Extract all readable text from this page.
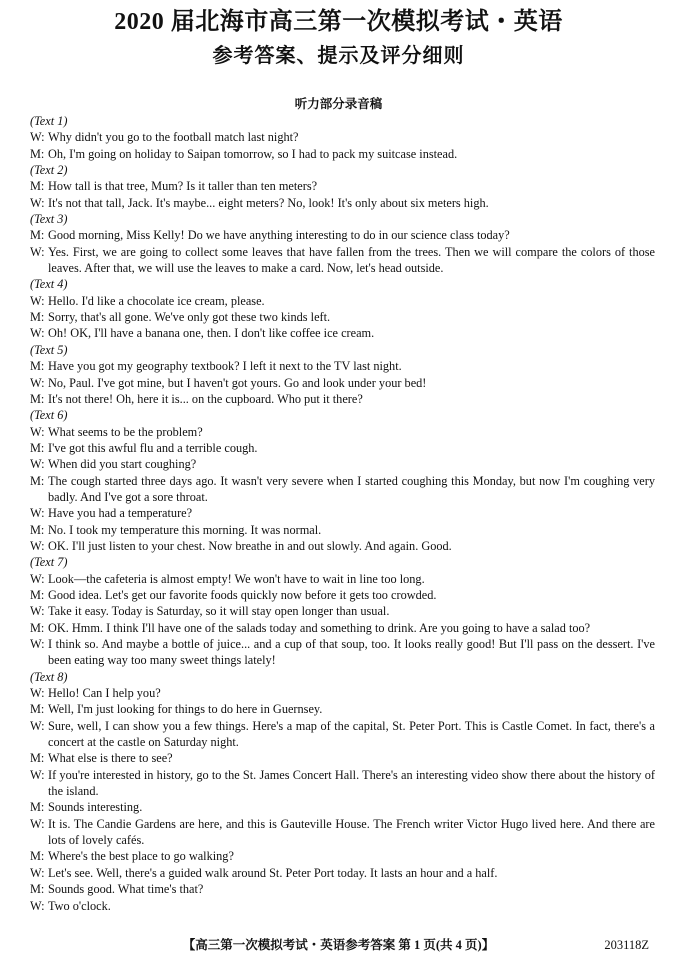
2020 届北海市高三第一次模拟考试・英语
参考答案、提示及评分细则
听力部分录音稿
(Text 1)
W: Why didn't you go to the football match last night?
M: Oh, I'm going on holiday to Saipan tomorrow, so I had to pack my suitcase instead.
(Text 2)
M: How tall is that tree, Mum? Is it taller than ten meters?
W: It's not that tall, Jack. It's maybe... eight meters? No, look! It's only about six meters high.
(Text 3)
M: Good morning, Miss Kelly! Do we have anything interesting to do in our science class today?
W: Yes. First, we are going to collect some leaves that have fallen from the trees. Then we will compare the colors of those leaves. After that, we will use the leaves to make a card. Now, let's head outside.
(Text 4)
W: Hello. I'd like a chocolate ice cream, please.
M: Sorry, that's all gone. We've only got these two kinds left.
W: Oh! OK, I'll have a banana one, then. I don't like coffee ice cream.
(Text 5)
M: Have you got my geography textbook? I left it next to the TV last night.
W: No, Paul. I've got mine, but I haven't got yours. Go and look under your bed!
M: It's not there! Oh, here it is... on the cupboard. Who put it there?
(Text 6)
W: What seems to be the problem?
M: I've got this awful flu and a terrible cough.
W: When did you start coughing?
M: The cough started three days ago. It wasn't very severe when I started coughing this Monday, but now I'm coughing very badly. And I've got a sore throat.
W: Have you had a temperature?
M: No. I took my temperature this morning. It was normal.
W: OK. I'll just listen to your chest. Now breathe in and out slowly. And again. Good.
(Text 7)
W: Look—the cafeteria is almost empty! We won't have to wait in line too long.
M: Good idea. Let's get our favorite foods quickly now before it gets too crowded.
W: Take it easy. Today is Saturday, so it will stay open longer than usual.
M: OK. Hmm. I think I'll have one of the salads today and something to drink. Are you going to have a salad too?
W: I think so. And maybe a bottle of juice... and a cup of that soup, too. It looks really good! But I'll pass on the dessert. I've been eating way too many sweet things lately!
(Text 8)
W: Hello! Can I help you?
M: Well, I'm just looking for things to do here in Guernsey.
W: Sure, well, I can show you a few things. Here's a map of the capital, St. Peter Port. This is Castle Comet. In fact, there's a concert at the castle on Saturday night.
M: What else is there to see?
W: If you're interested in history, go to the St. James Concert Hall. There's an interesting video show there about the history of the island.
M: Sounds interesting.
W: It is. The Candie Gardens are here, and this is Gauteville House. The French writer Victor Hugo lived here. And there are lots of lovely cafés.
M: Where's the best place to go walking?
W: Let's see. Well, there's a guided walk around St. Peter Port today. It lasts an hour and a half.
M: Sounds good. What time's that?
W: Two o'clock.
【高三第一次模拟考试・英语参考答案 第 1 页(共 4 页)】	203118Z
